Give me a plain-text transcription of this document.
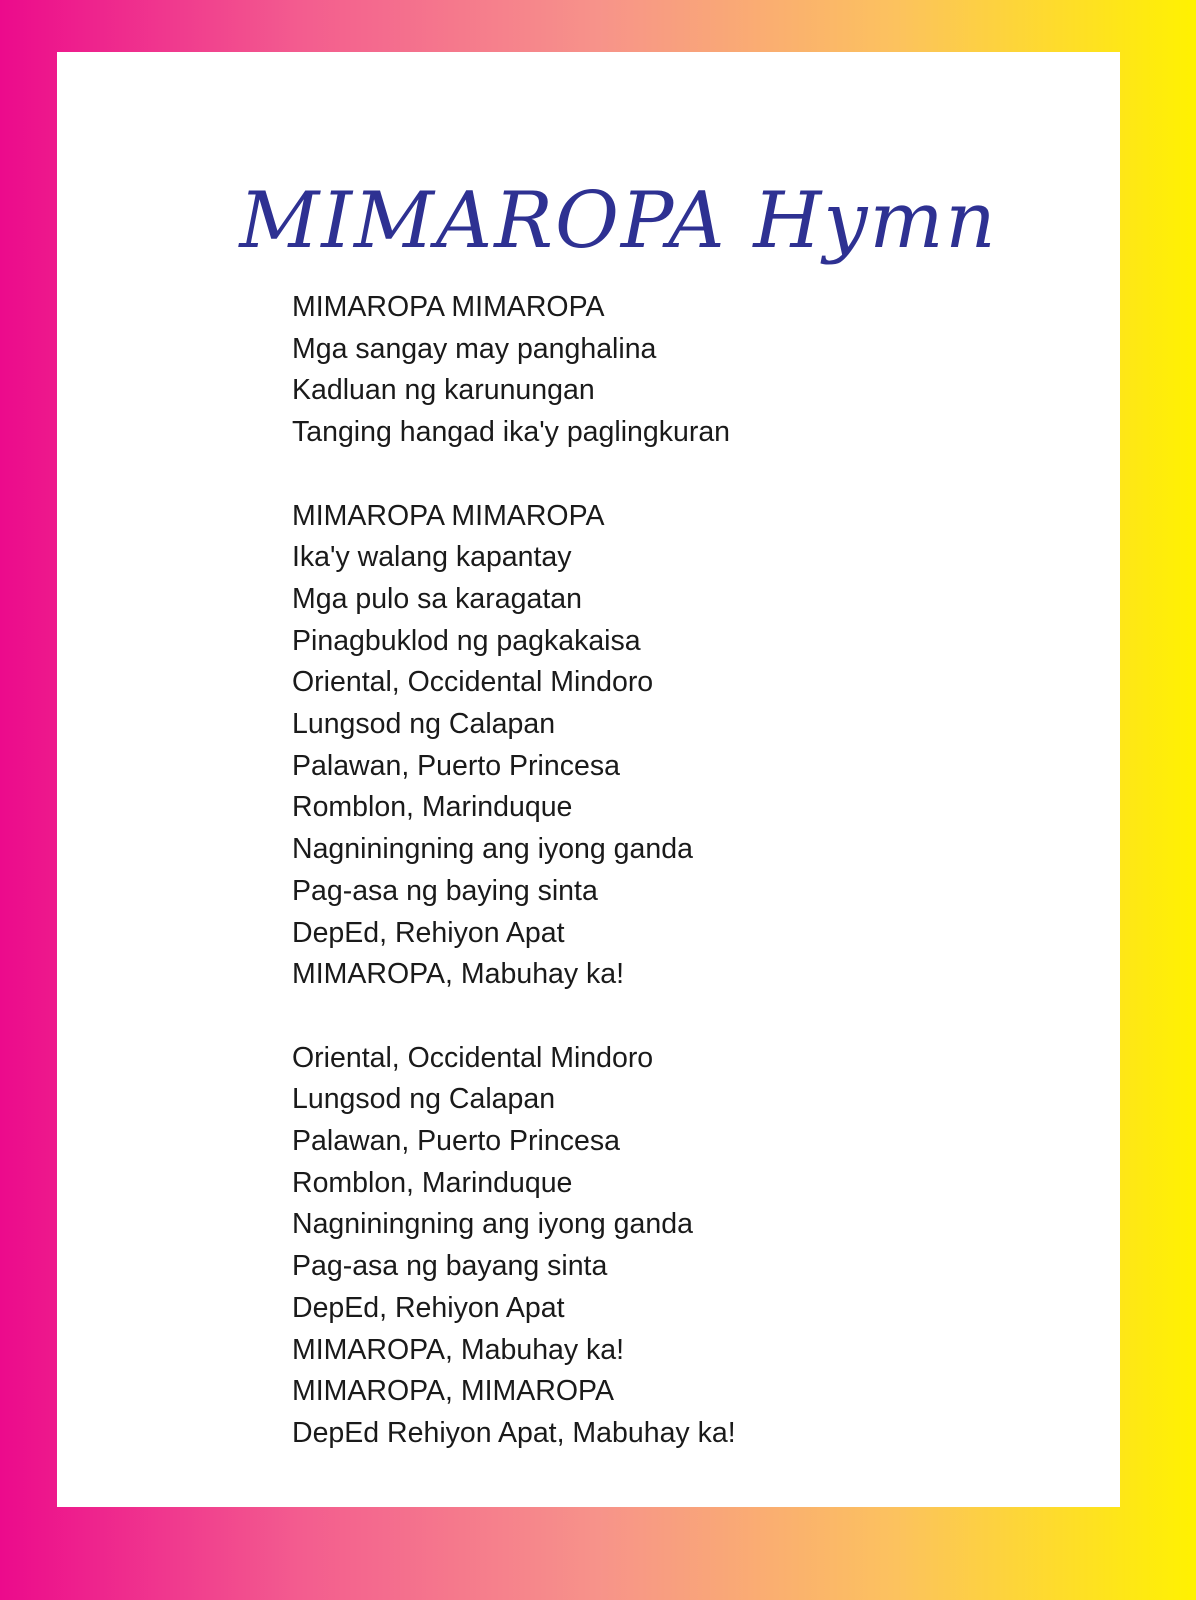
MIMAROPA Hymn
MIMAROPA MIMAROPA
Mga sangay may panghalina
Kadluan ng karunungan
Tanging hangad ika'y paglingkuran
MIMAROPA MIMAROPA
Ika'y walang kapantay
Mga pulo sa karagatan
Pinagbuklod ng pagkakaisa
Oriental, Occidental Mindoro
Lungsod ng Calapan
Palawan, Puerto Princesa
Romblon, Marinduque
Nagniningning ang iyong ganda
Pag-asa ng baying sinta
DepEd, Rehiyon Apat
MIMAROPA, Mabuhay ka!
Oriental, Occidental Mindoro
Lungsod ng Calapan
Palawan, Puerto Princesa
Romblon, Marinduque
Nagniningning ang iyong ganda
Pag-asa ng bayang sinta
DepEd, Rehiyon Apat
MIMAROPA, Mabuhay ka!
MIMAROPA, MIMAROPA
DepEd Rehiyon Apat, Mabuhay ka!
